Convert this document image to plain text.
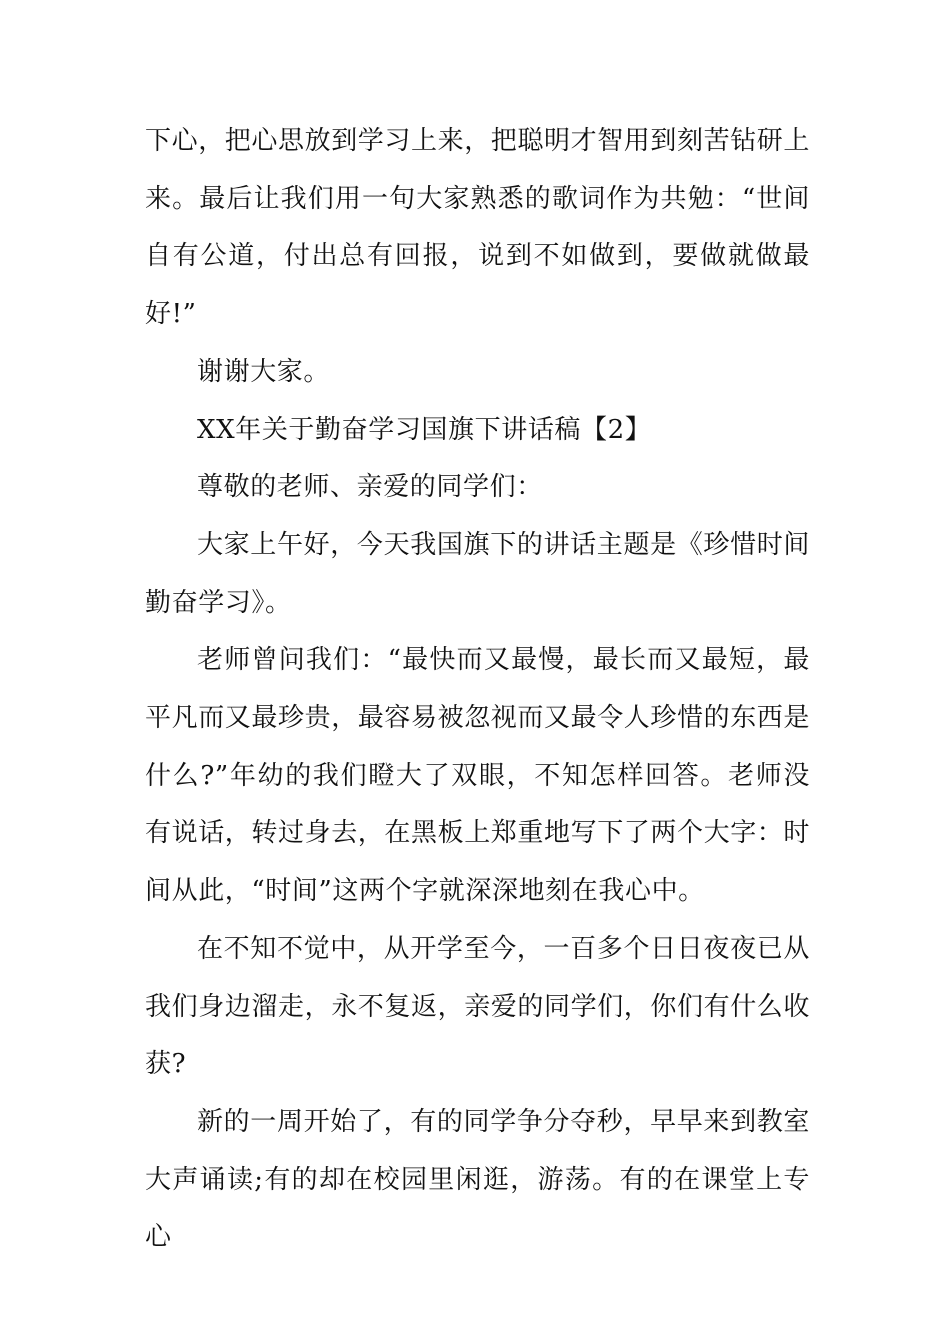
下心，把心思放到学习上来，把聪明才智用到刻苦钻研上来。最后让我们用一句大家熟悉的歌词作为共勉：“世间自有公道，付出总有回报，说到不如做到，要做就做最好!”

谢谢大家。

XX年关于勤奋学习国旗下讲话稿【2】

尊敬的老师、亲爱的同学们：

大家上午好，今天我国旗下的讲话主题是《珍惜时间勤奋学习》。

老师曾问我们：“最快而又最慢，最长而又最短，最平凡而又最珍贵，最容易被忽视而又最令人珍惜的东西是什么?”年幼的我们瞪大了双眼，不知怎样回答。老师没有说话，转过身去，在黑板上郑重地写下了两个大字：时间从此，“时间”这两个字就深深地刻在我心中。

在不知不觉中，从开学至今，一百多个日日夜夜已从我们身边溜走，永不复返，亲爱的同学们，你们有什么收获?

新的一周开始了，有的同学争分夺秒，早早来到教室大声诵读;有的却在校园里闲逛，游荡。有的在课堂上专心
